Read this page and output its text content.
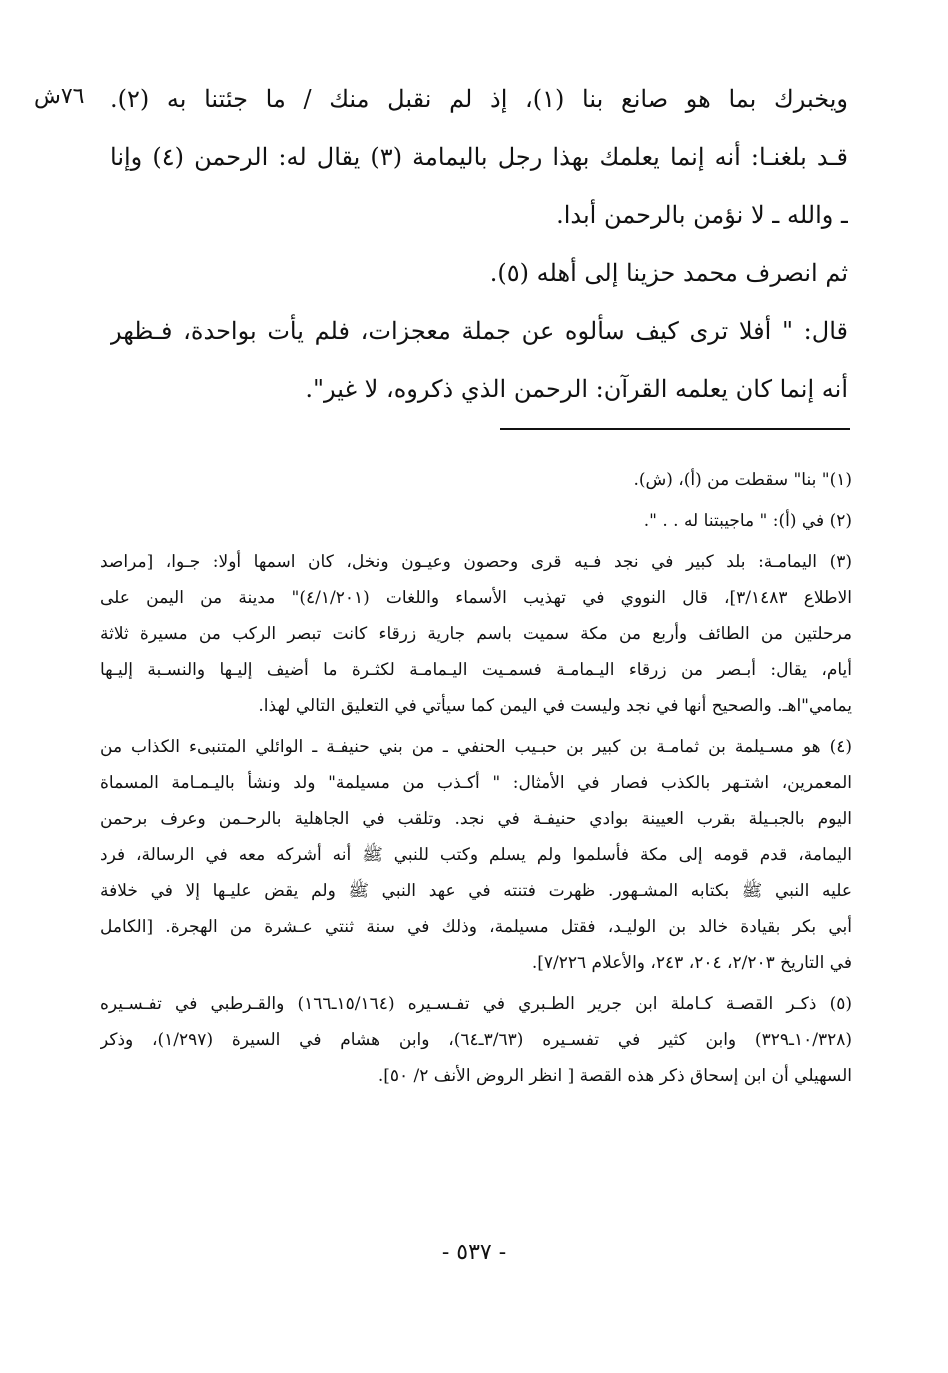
٧٦ش ويخبرك بما هو صانع بنا (١)، إذ لم نقبل منك / ما جئتنا به (٢).
قـد بلغنـا: أنه إنما يعلمك بهذا رجل باليمامة (٣) يقال له: الرحمن (٤) وإنا
ـ والله ـ لا نؤمن بالرحمن أبدا.
ثم انصرف محمد حزينا إلى أهله (٥).
قال: " أفلا ترى كيف سألوه عن جملة معجزات، فلم يأت بواحدة، فـظهر
أنه إنما كان يعلمه القرآن: الرحمن الذي ذكروه، لا غير".
(١)" بنا" سقطت من (أ)، (ش).
(٢) في (أ): " ماجيبتنا له . . ".
(٣) اليمامـة: بلد كبير في نجد فـيه قرى وحصون وعيـون ونخل، كان اسمها أولا: جـوا، [مراصد
الاطلاع ٣/١٤٨٣]، قال النووي في تهذيب الأسماء واللغات (٤/١/٢٠١)" مدينة من اليمن على
مرحلتين من الطائف وأربع من مكة سميت باسم جارية زرقاء كانت تبصر الركب من مسيرة ثلاثة
أيام، يقال: أبـصر من زرقاء اليـمامـة فسمـيت اليـمامـة لكثـرة ما أضيف إليـها والنسـبة إليـها
يمامي"اهـ. والصحيح أنها في نجد وليست في اليمن كما سيأتي في التعليق التالي لهذا.
(٤) هو مسـيلمة بن ثمامـة بن كبير بن حبـيب الحنفي ـ من بني حنيفـة ـ الوائلي المتنبىء الكذاب من
المعمرين، اشتـهر بالكذب فصار في الأمثال: " أكـذب من مسيلمة" ولد ونشأ باليـمـامة المسماة
اليوم بالجبـيلة بقرب العيينة بوادي حنيفـة في نجد. وتلقب في الجاهلية بالرحـمن وعرف برحمن
اليمامة، قدم قومه إلى مكة فأسلموا ولم يسلم وكتب للنبي ﷺ أنه أشركه معه في الرسالة، فرد
عليه النبي ﷺ بكتابه المشـهور. ظهرت فتنته في عهد النبي ﷺ ولم يقض عليـها إلا في خلافة
أبي بكر بقيادة خالد بن الوليـد، فقتل مسيلمة، وذلك في سنة ثنتي عـشرة من الهجرة. [الكامل
في التاريخ ٢/٢٠٣، ٢٠٤، ٢٤٣، والأعلام ٧/٢٢٦].
(٥) ذكـر القصـة كـاملة ابن جرير الطـبري في تفـسـيره (١٥/١٦٤ـ١٦٦) والقـرطبي في تفـسـيره
(١٠/٣٢٨ـ٣٢٩) وابن كثير في تفسـيره (٣/٦٣ـ٦٤)، وابن هشام في السيرة (١/٢٩٧)، وذكر
السهيلي أن ابن إسحاق ذكر هذه القصة [ انظر الروض الأنف ٢/ ٥٠].
- ٥٣٧ -
